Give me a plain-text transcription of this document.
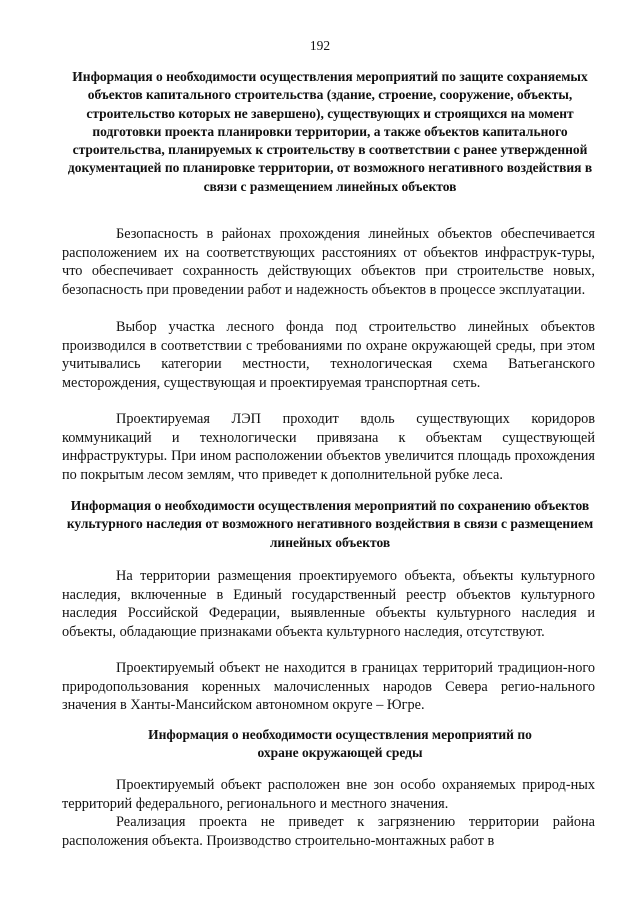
192
Информация о необходимости осуществления мероприятий по защите сохраняемых объектов капитального строительства (здание, строение, сооружение, объекты, строительство которых не завершено), существующих и строящихся на момент подготовки проекта планировки территории, а также объектов капитального строительства, планируемых к строительству в соответствии с ранее утвержденной документацией по планировке территории, от возможного негативного воздействия в связи с размещением линейных объектов

Безопасность в районах прохождения линейных объектов обеспечивается расположением их на соответствующих расстояниях от объектов инфраструк-туры, что обеспечивает сохранность действующих объектов при строительстве новых, безопасность при проведении работ и надежность объектов в процессе эксплуатации.

Выбор участка лесного фонда под строительство линейных объектов производился в соответствии с требованиями по охране окружающей среды, при этом учитывались категории местности, технологическая схема Ватьеганского месторождения, существующая и проектируемая транспортная сеть.

Проектируемая ЛЭП проходит вдоль существующих коридоров коммуникаций и технологически привязана к объектам существующей инфраструктуры. При ином расположении объектов увеличится площадь прохождения по покрытым лесом землям, что приведет к дополнительной рубке леса.

Информация о необходимости осуществления мероприятий по сохранению объектов культурного наследия от возможного негативного воздействия в связи с размещением линейных объектов

На территории размещения проектируемого объекта, объекты культурного наследия, включенные в Единый государственный реестр объектов культурного наследия Российской Федерации, выявленные объекты культурного наследия и объекты, обладающие признаками объекта культурного наследия, отсутствуют.

Проектируемый объект не находится в границах территорий традицион-ного природопользования коренных малочисленных народов Севера регио-нального значения в Ханты-Мансийском автономном округе – Югре.

Информация о необходимости осуществления мероприятий по охране окружающей среды

Проектируемый объект расположен вне зон особо охраняемых природ-ных территорий федерального, регионального и местного значения.

Реализация проекта не приведет к загрязнению территории района расположения объекта. Производство строительно-монтажных работ в
